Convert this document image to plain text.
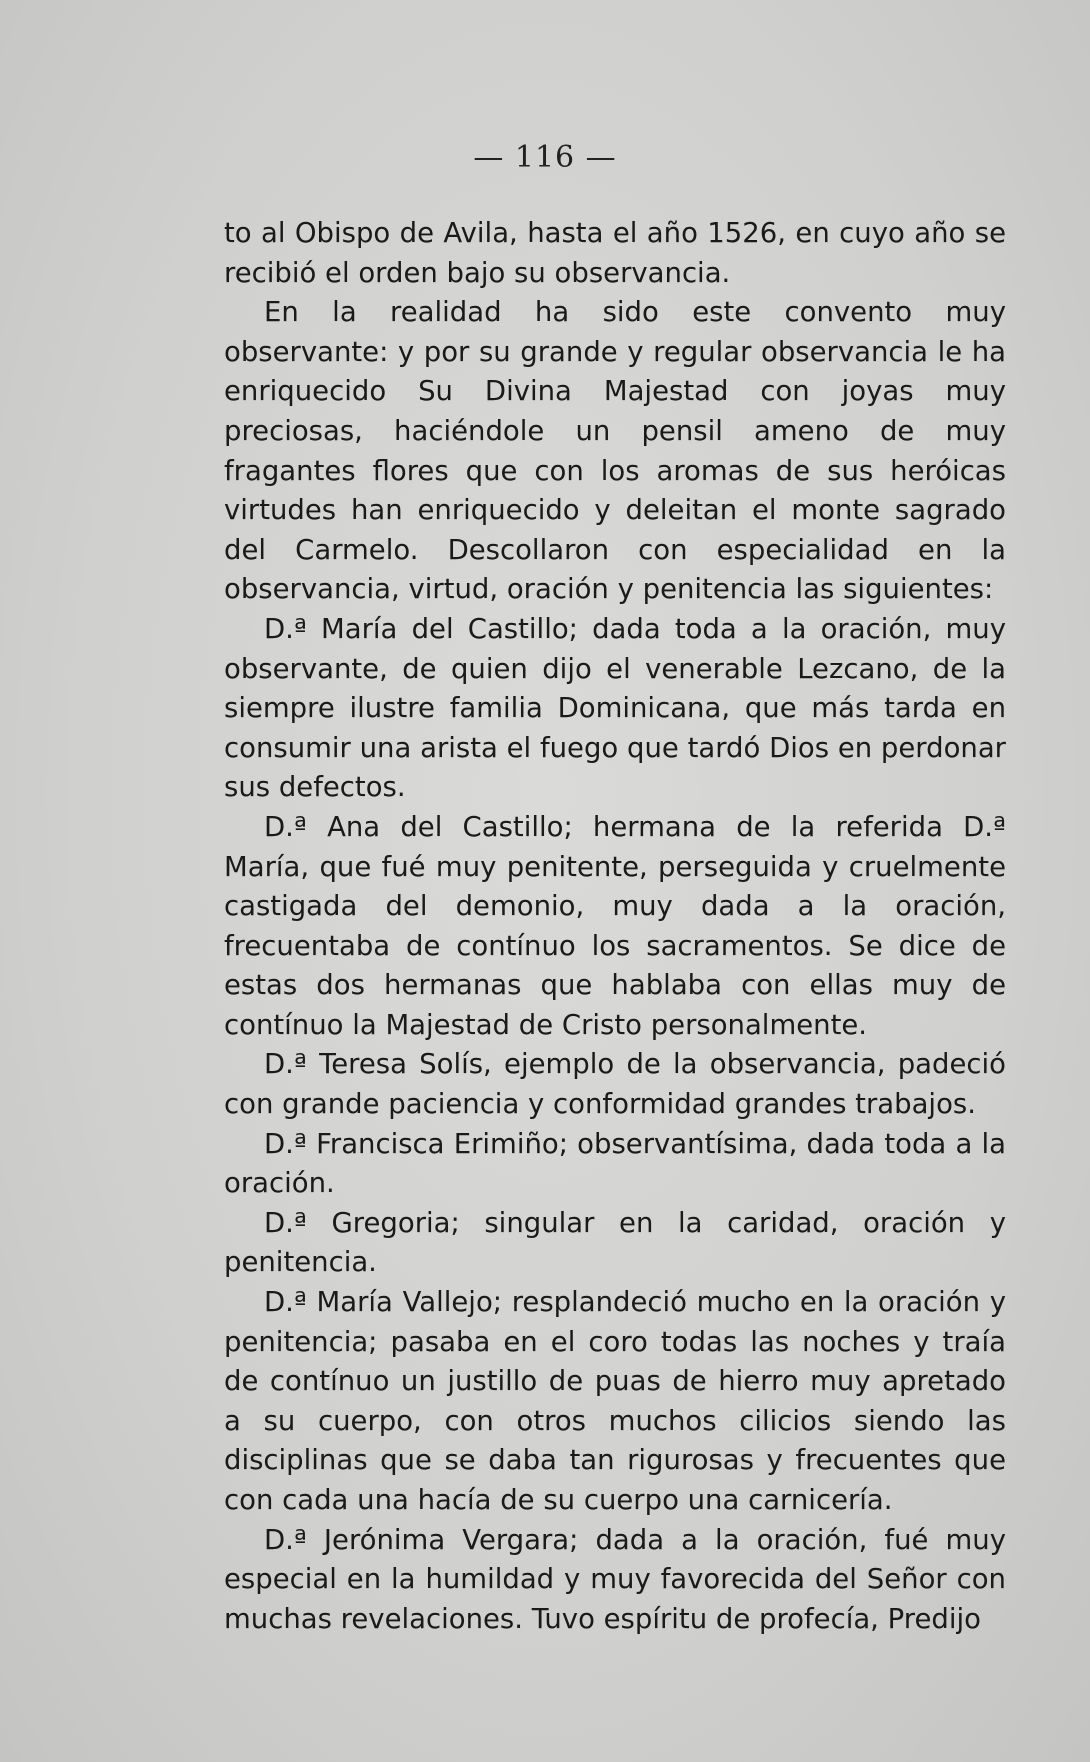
— 116 —

to al Obispo de Avila, hasta el año 1526, en cuyo año se recibió el orden bajo su observancia.

En la realidad ha sido este convento muy observante: y por su grande y regular observancia le ha enriquecido Su Divina Majestad con joyas muy preciosas, haciéndole un pensil ameno de muy fragantes flores que con los aromas de sus heróicas virtudes han enriquecido y deleitan el monte sagrado del Carmelo. Descollaron con especialidad en la observancia, virtud, oración y penitencia las siguientes:

D.ª María del Castillo; dada toda a la oración, muy observante, de quien dijo el venerable Lezcano, de la siempre ilustre familia Dominicana, que más tarda en consumir una arista el fuego que tardó Dios en perdonar sus defectos.

D.ª Ana del Castillo; hermana de la referida D.ª María, que fué muy penitente, perseguida y cruelmente castigada del demonio, muy dada a la oración, frecuentaba de contínuo los sacramentos. Se dice de estas dos hermanas que hablaba con ellas muy de contínuo la Majestad de Cristo personalmente.

D.ª Teresa Solís, ejemplo de la observancia, padeció con grande paciencia y conformidad grandes trabajos.

D.ª Francisca Erimiño; observantísima, dada toda a la oración.

D.ª Gregoria; singular en la caridad, oración y penitencia.

D.ª María Vallejo; resplandeció mucho en la oración y penitencia; pasaba en el coro todas las noches y traía de contínuo un justillo de puas de hierro muy apretado a su cuerpo, con otros muchos cilicios siendo las disciplinas que se daba tan rigurosas y frecuentes que con cada una hacía de su cuerpo una carnicería.

D.ª Jerónima Vergara; dada a la oración, fué muy especial en la humildad y muy favorecida del Señor con muchas revelaciones. Tuvo espíritu de profecía, Predijo
